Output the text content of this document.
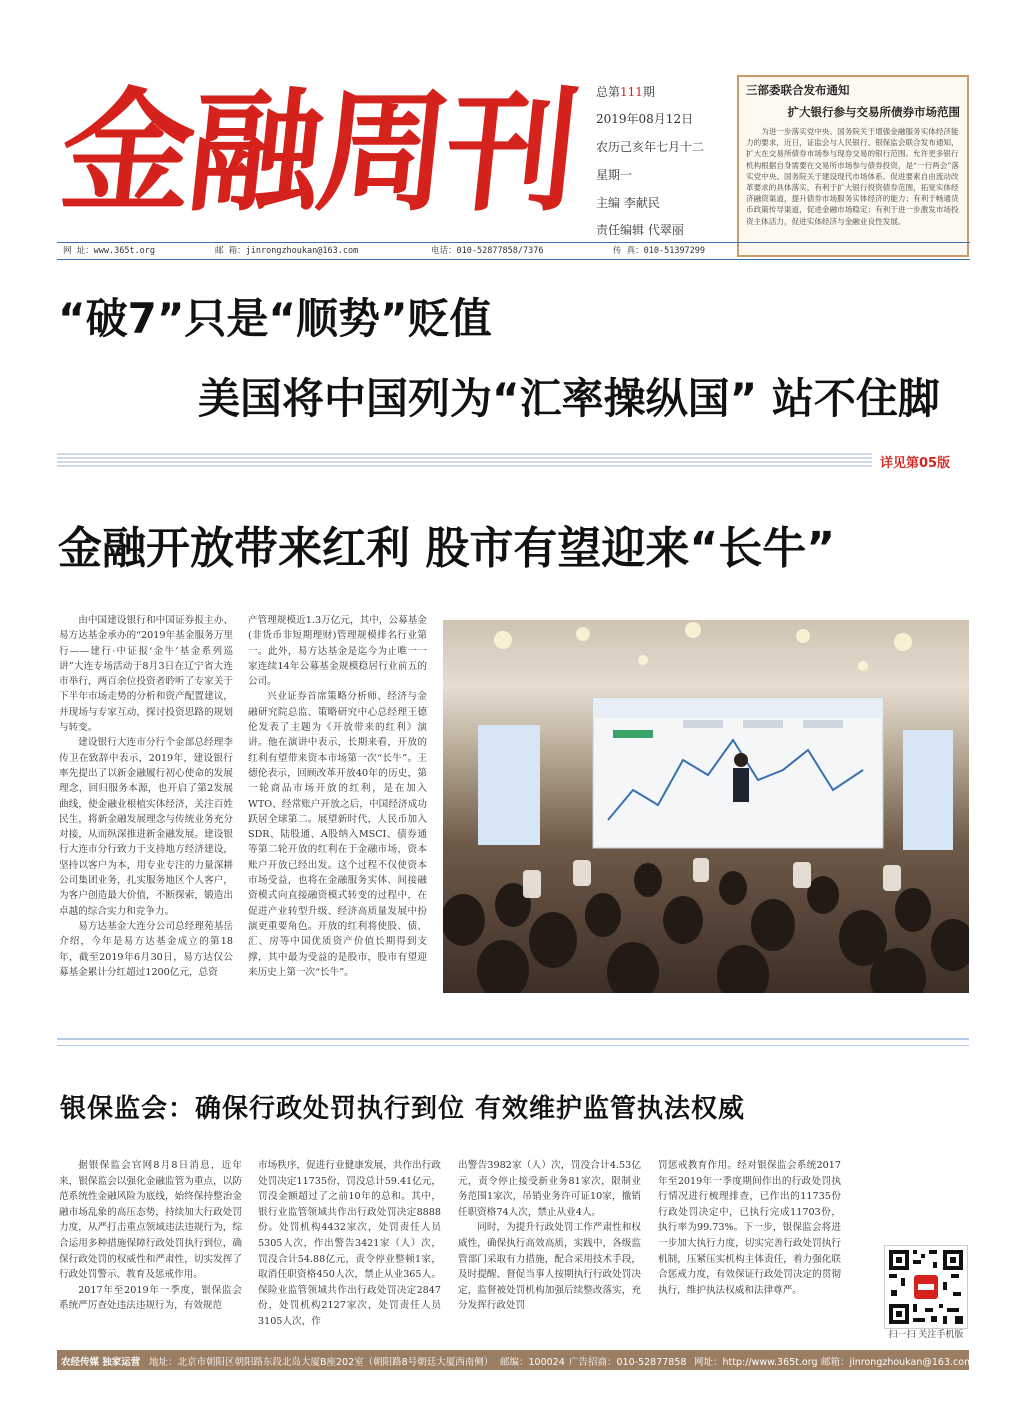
金融周刊	总第111期
2019年08月12日
农历己亥年七月十二
星期一
主编 李献民
责任编辑 代翠丽
三部委联合发布通知
扩大银行参与交易所债券市场范围
为进一步落实党中央、国务院关于增强金融服务实体经济能力的要求，近日，证监会与人民银行、银保监会联合发布通知，扩大在交易所债券市场参与现券交易的银行范围。允许更多银行机构根据自身需要在交易所市场参与债券投资，是“一行两会”落实党中央、国务院关于建设现代市场体系、促进要素自由流动改革要求的具体落实，有利于扩大银行投资债券范围，拓宽实体经济融资渠道，提升债券市场服务实体经济的能力；有利于畅通货币政策传导渠道，促进金融市场稳定；有利于进一步激发市场投资主体活力，促进实体经济与金融业良性发展。
网 址：www.365t.org	邮 箱：jinrongzhoukan@163.com	电话：010-52877858/7376	传 真：010-51397299
“破7”只是“顺势”贬值
美国将中国列为“汇率操纵国” 站不住脚
详见第05版
金融开放带来红利 股市有望迎来“长牛”

由中国建设银行和中国证券报主办、易方达基金承办的“2019年基金服务万里行——建行·中证报‘金牛’基金系列巡讲”大连专场活动于8月3日在辽宁省大连市举行，两百余位投资者聆听了专家关于下半年市场走势的分析和资产配置建议，并现场与专家互动，探讨投资思路的规划与转变。

建设银行大连市分行个金部总经理李传卫在致辞中表示，2019年，建设银行率先提出了以新金融履行初心使命的发展理念，回归服务本源，也开启了第2发展曲线，使金融业根植实体经济，关注百姓民生，将新金融发展理念与传统业务充分对接，从而纵深推进新金融发展。建设银行大连市分行致力于支持地方经济建设，坚持以客户为本，用专业专注的力量深耕公司集团业务，扎实服务地区个人客户，为客户创造最大价值，不断探索，锻造出卓越的综合实力和竞争力。

易方达基金大连分公司总经理苑基岳介绍，今年是易方达基金成立的第18年，截至2019年6月30日，易方达仅公募基金累计分红超过1200亿元，总资

产管理规模近1.3万亿元，其中，公募基金(非货币非短期理财)管理规模排名行业第一。此外，易方达基金是迄今为止唯一一家连续14年公募基金规模稳居行业前五的公司。

兴业证券首席策略分析师、经济与金融研究院总监、策略研究中心总经理王德伦发表了主题为《开放带来的红利》演讲。他在演讲中表示，长期来看，开放的红利有望带来资本市场第一次“长牛”。王德伦表示，回顾改革开放40年的历史，第一轮商品市场开放的红利，是在加入WTO、经常账户开放之后，中国经济成功跃居全球第二。展望新时代，人民币加入SDR、陆股通、A股纳入MSCI、债券通等第二轮开放的红利在于金融市场，资本账户开放已经出发。这个过程不仅使资本市场受益，也将在金融服务实体、间接融资模式向直接融资模式转变的过程中，在促进产业转型升级、经济高质量发展中扮演更重要角色。开放的红利将使股、债、汇、房等中国优质资产价值长期得到支撑，其中最为受益的是股市，股市有望迎来历史上第一次“长牛”。

银保监会：确保行政处罚执行到位 有效维护监管执法权威

据银保监会官网8月8日消息，近年来，银保监会以强化金融监管为重点，以防范系统性金融风险为底线，始终保持整治金融市场乱象的高压态势，持续加大行政处罚力度，从严打击重点领域违法违规行为，综合运用多种措施保障行政处罚执行到位，确保行政处罚的权威性和严肃性，切实发挥了行政处罚警示、教育及惩戒作用。

2017年至2019年一季度，银保监会系统严厉查处违法违规行为，有效规范

市场秩序，促进行业健康发展，共作出行政处罚决定11735份，罚没总计59.41亿元，罚没金额超过了之前10年的总和。其中，银行业监管领域共作出行政处罚决定8888份。处罚机构4432家次，处罚责任人员5305人次，作出警告3421家（人）次，罚没合计54.88亿元，责令停业整顿1家，取消任职资格450人次，禁止从业365人。保险业监管领域共作出行政处罚决定2847份，处罚机构2127家次，处罚责任人员3105人次，作

出警告3982家（人）次，罚没合计4.53亿元，责令停止接受新业务81家次，限制业务范围1家次，吊销业务许可证10家，撤销任职资格74人次，禁止从业4人。

同时，为提升行政处罚工作严肃性和权威性，确保执行高效高质，实践中，各级监管部门采取有力措施，配合采用技术手段，及时提醒、督促当事人按期执行行政处罚决定，监督被处罚机构加强后续整改落实，充分发挥行政处罚

罚惩戒教育作用。经对银保监会系统2017年至2019年一季度期间作出的行政处罚执行情况进行梳理排查，已作出的11735份行政处罚决定中，已执行完成11703份，执行率为99.73%。下一步，银保监会将进一步加大执行力度，切实完善行政处罚执行机制，压紧压实机构主体责任，着力强化联合惩戒力度，有效保证行政处罚决定的贯彻执行，维护执法权威和法律尊严。

扫一扫 关注手机版
农经传媒 独家运营 地址：北京市朝阳区朝阳路东段北岛大厦B座202室（朝阳路8号朝廷大厦西南侧） 邮编：100024 广告招商：010-52877858 网址：http://www.365t.org 邮箱：jinrongzhoukan@163.com
